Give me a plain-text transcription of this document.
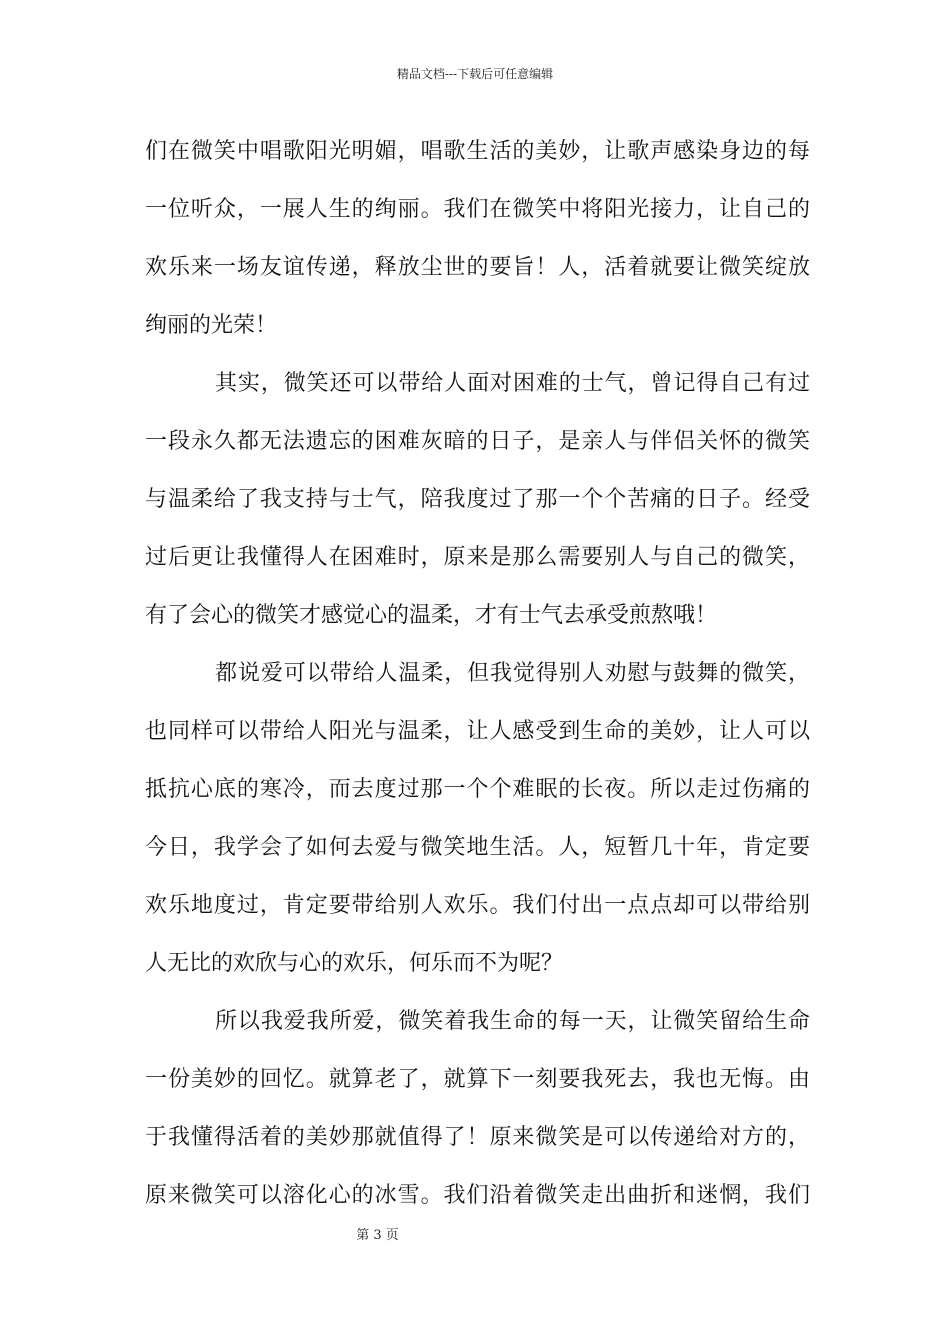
精品文档---下载后可任意编辑
们在微笑中唱歌阳光明媚，唱歌生活的美妙，让歌声感染身边的每
一位听众，一展人生的绚丽。我们在微笑中将阳光接力，让自己的
欢乐来一场友谊传递，释放尘世的要旨！人，活着就要让微笑绽放
绚丽的光荣！
其实，微笑还可以带给人面对困难的士气，曾记得自己有过
一段永久都无法遗忘的困难灰暗的日子，是亲人与伴侣关怀的微笑
与温柔给了我支持与士气，陪我度过了那一个个苦痛的日子。经受
过后更让我懂得人在困难时，原来是那么需要别人与自己的微笑，
有了会心的微笑才感觉心的温柔，才有士气去承受煎熬哦！
都说爱可以带给人温柔，但我觉得别人劝慰与鼓舞的微笑，
也同样可以带给人阳光与温柔，让人感受到生命的美妙，让人可以
抵抗心底的寒冷，而去度过那一个个难眠的长夜。所以走过伤痛的
今日，我学会了如何去爱与微笑地生活。人，短暂几十年，肯定要
欢乐地度过，肯定要带给别人欢乐。我们付出一点点却可以带给别
人无比的欢欣与心的欢乐，何乐而不为呢？
所以我爱我所爱，微笑着我生命的每一天，让微笑留给生命
一份美妙的回忆。就算老了，就算下一刻要我死去，我也无悔。由
于我懂得活着的美妙那就值得了！原来微笑是可以传递给对方的，
原来微笑可以溶化心的冰雪。我们沿着微笑走出曲折和迷惘，我们
第 3 页
